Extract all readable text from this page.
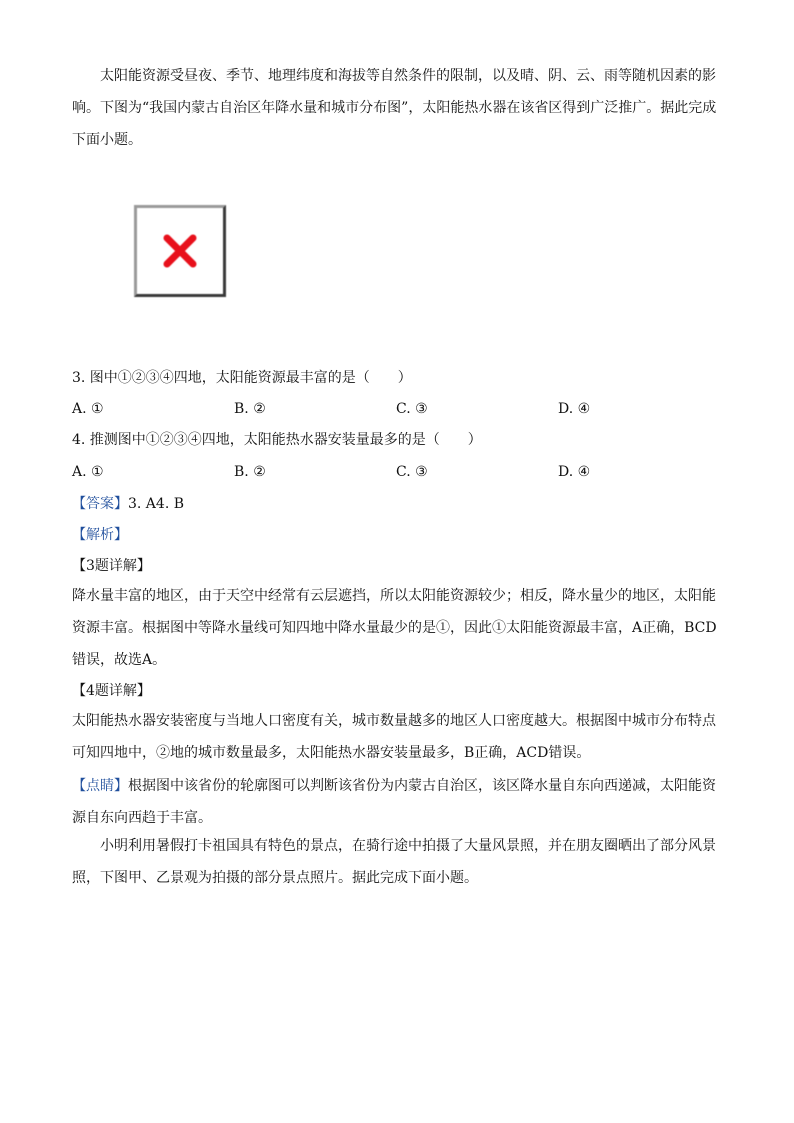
太阳能资源受昼夜、季节、地理纬度和海拔等自然条件的限制，以及晴、阴、云、雨等随机因素的影响。下图为“我国内蒙古自治区年降水量和城市分布图”，太阳能热水器在该省区得到广泛推广。据此完成下面小题。

3. 图中①②③④四地，太阳能资源最丰富的是（　　）
A. ①	B. ②	C. ③	D. ④
4. 推测图中①②③④四地，太阳能热水器安装量最多的是（　　）
A. ①	B. ②	C. ③	D. ④
【答案】3. A4. B
【解析】
【3题详解】

降水量丰富的地区，由于天空中经常有云层遮挡，所以太阳能资源较少；相反，降水量少的地区，太阳能资源丰富。根据图中等降水量线可知四地中降水量最少的是①，因此①太阳能资源最丰富，A正确，BCD错误，故选A。

【4题详解】

太阳能热水器安装密度与当地人口密度有关，城市数量越多的地区人口密度越大。根据图中城市分布特点可知四地中，②地的城市数量最多，太阳能热水器安装量最多，B正确，ACD错误。

【点睛】根据图中该省份的轮廓图可以判断该省份为内蒙古自治区，该区降水量自东向西递减，太阳能资源自东向西趋于丰富。

小明利用暑假打卡祖国具有特色的景点，在骑行途中拍摄了大量风景照，并在朋友圈晒出了部分风景照，下图甲、乙景观为拍摄的部分景点照片。据此完成下面小题。
